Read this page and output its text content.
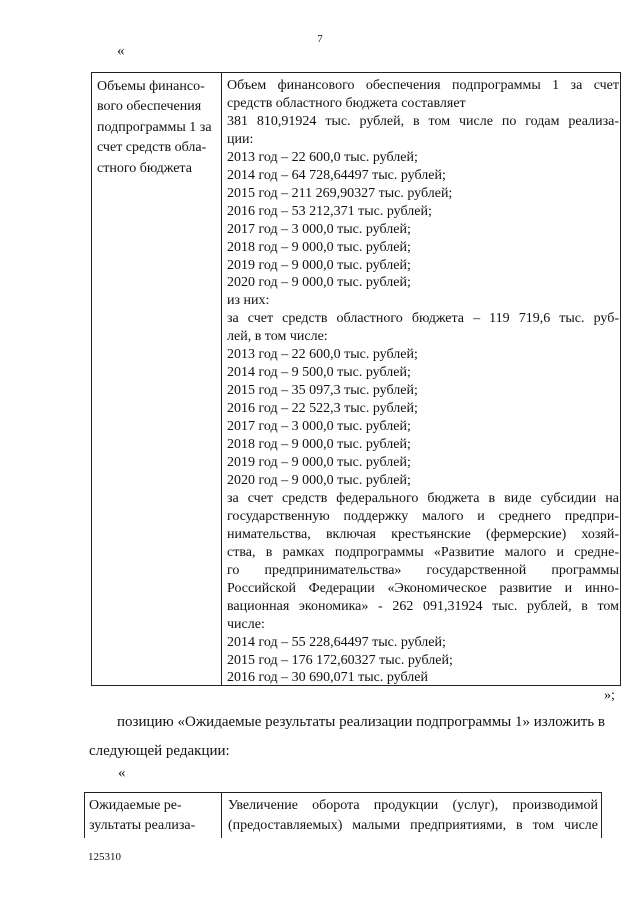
7
«
Объемы финансо-
вого обеспечения
подпрограммы 1 за
счет средств обла-
стного бюджета
Объем финансового обеспечения подпрограммы 1 за счет
средств областного бюджета составляет
381 810,91924 тыс. рублей, в том числе по годам реализа-
ции:
2013 год – 22 600,0 тыс. рублей;
2014 год – 64 728,64497 тыс. рублей;
2015 год – 211 269,90327 тыс. рублей;
2016 год – 53 212,371 тыс. рублей;
2017 год – 3 000,0 тыс. рублей;
2018 год – 9 000,0 тыс. рублей;
2019 год – 9 000,0 тыс. рублей;
2020 год – 9 000,0 тыс. рублей;
из них:
за счет средств областного бюджета – 119 719,6 тыс. руб-
лей, в том числе:
2013 год – 22 600,0 тыс. рублей;
2014 год – 9 500,0 тыс. рублей;
2015 год – 35 097,3 тыс. рублей;
2016 год – 22 522,3 тыс. рублей;
2017 год – 3 000,0 тыс. рублей;
2018 год – 9 000,0 тыс. рублей;
2019 год – 9 000,0 тыс. рублей;
2020 год – 9 000,0 тыс. рублей;
за счет средств федерального бюджета в виде субсидии на
государственную поддержку малого и среднего предпри-
нимательства, включая крестьянские (фермерские) хозяй-
ства, в рамках подпрограммы «Развитие малого и средне-
го предпринимательства» государственной программы
Российской Федерации «Экономическое развитие и инно-
вационная экономика» - 262 091,31924 тыс. рублей, в том
числе:
2014 год – 55 228,64497 тыс. рублей;
2015 год – 176 172,60327 тыс. рублей;
2016 год – 30 690,071 тыс. рублей
»;
позицию «Ожидаемые результаты реализации подпрограммы 1» изложить в
следующей редакции:
«
Ожидаемые ре-
зультаты реализа-
Увеличение оборота продукции (услуг), производимой
(предоставляемых) малыми предприятиями, в том числе
125310
